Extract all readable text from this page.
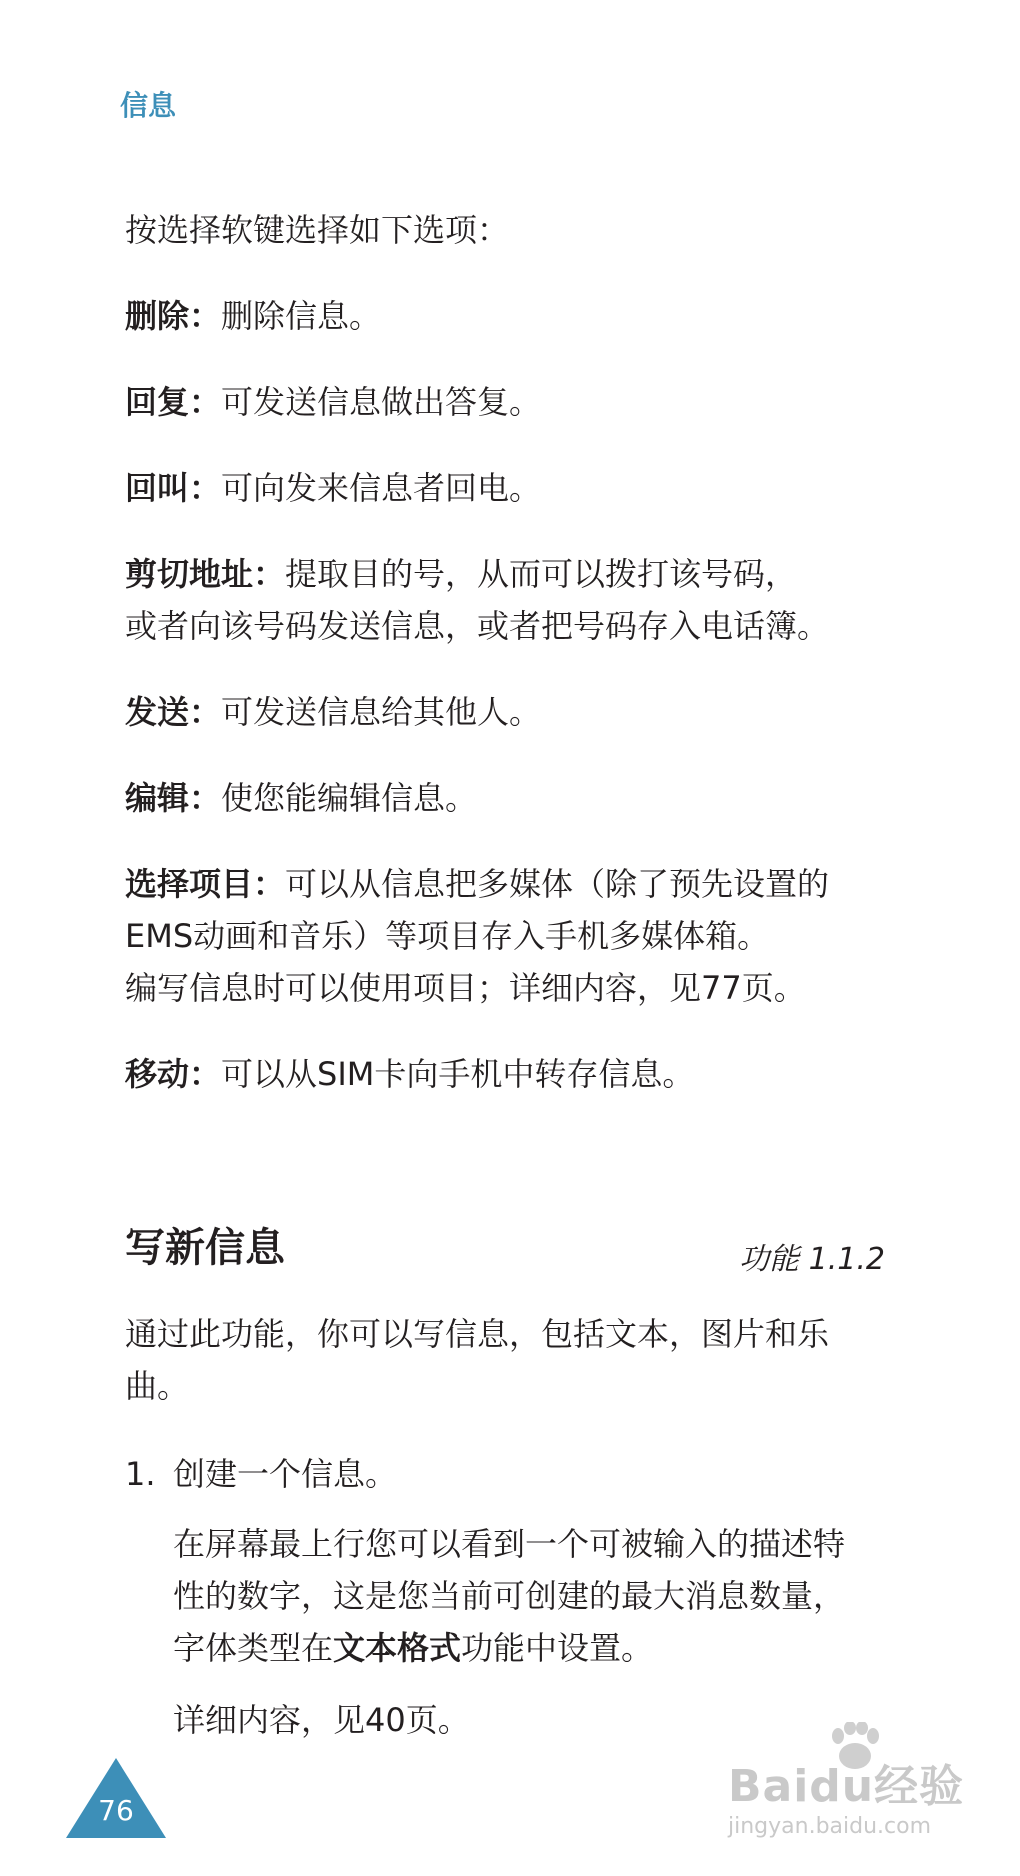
信息

按选择软键选择如下选项：

删除：删除信息。

回复：可发送信息做出答复。

回叫：可向发来信息者回电。

剪切地址：提取目的号，从而可以拨打该号码，
或者向该号码发送信息，或者把号码存入电话簿。

发送：可发送信息给其他人。

编辑：使您能编辑信息。

选择项目：可以从信息把多媒体（除了预先设置的
EMS动画和音乐）等项目存入手机多媒体箱。
编写信息时可以使用项目；详细内容，见77页。

移动：可以从SIM卡向手机中转存信息。

写新信息	功能 1.1.2

通过此功能，你可以写信息，包括文本，图片和乐
曲。

1. 创建一个信息。

在屏幕最上行您可以看到一个可被输入的描述特
性的数字，这是您当前可创建的最大消息数量，
字体类型在文本格式功能中设置。

详细内容，见40页。

76	Baidu经验
jingyan.baidu.com
